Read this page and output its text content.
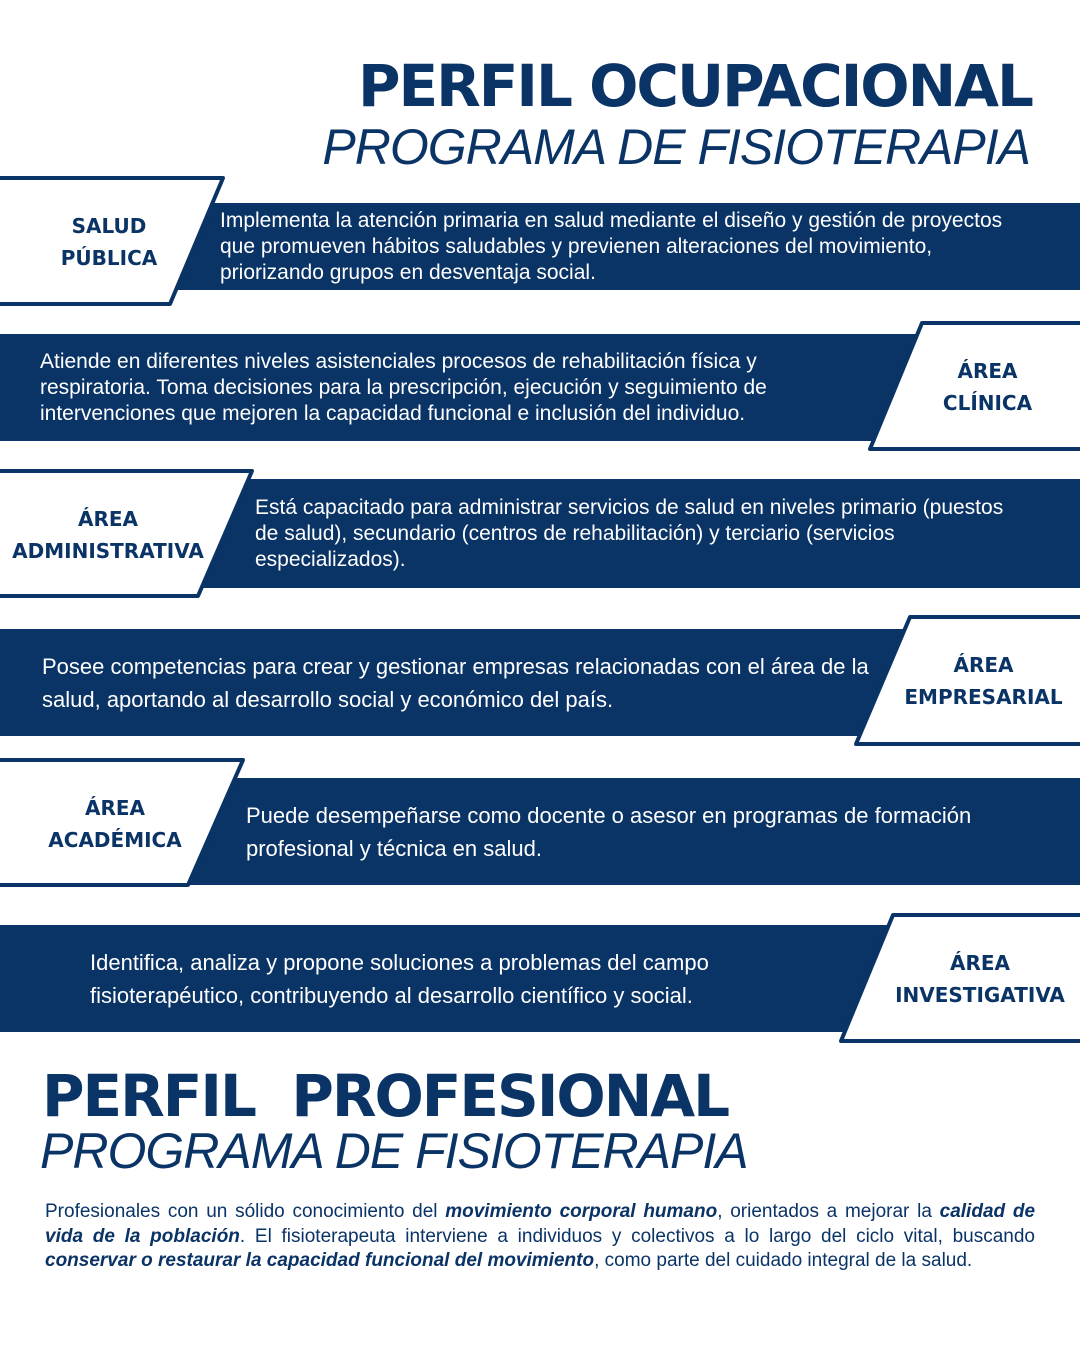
PERFIL OCUPACIONAL
PROGRAMA DE FISIOTERAPIA
Implementa la atención primaria en salud mediante el diseño y gestión de proyectos que promueven hábitos saludables y previenen alteraciones del movimiento, priorizando grupos en desventaja social.
SALUD
PÚBLICA
Atiende en diferentes niveles asistenciales procesos de rehabilitación física y respiratoria. Toma decisiones para la prescripción, ejecución y seguimiento de intervenciones que mejoren la capacidad funcional e inclusión del individuo.
ÁREA
CLÍNICA
Está capacitado para administrar servicios de salud en niveles primario (puestos de salud), secundario (centros de rehabilitación) y terciario (servicios especializados).
ÁREA
ADMINISTRATIVA
Posee competencias para crear y gestionar empresas relacionadas con el área de la salud, aportando al desarrollo social y económico del país.
ÁREA
EMPRESARIAL
Puede desempeñarse como docente o asesor en programas de formación profesional y técnica en salud.
ÁREA
ACADÉMICA
Identifica, analiza y propone soluciones a problemas del campo fisioterapéutico, contribuyendo al desarrollo científico y social.
ÁREA
INVESTIGATIVA
PERFIL  PROFESIONAL
PROGRAMA DE FISIOTERAPIA

Profesionales con un sólido conocimiento del movimiento corporal humano, orientados a mejorar la calidad de vida de la población. El fisioterapeuta interviene a individuos y colectivos a lo largo del ciclo vital, buscando conservar o restaurar la capacidad funcional del movimiento, como parte del cuidado integral de la salud.
